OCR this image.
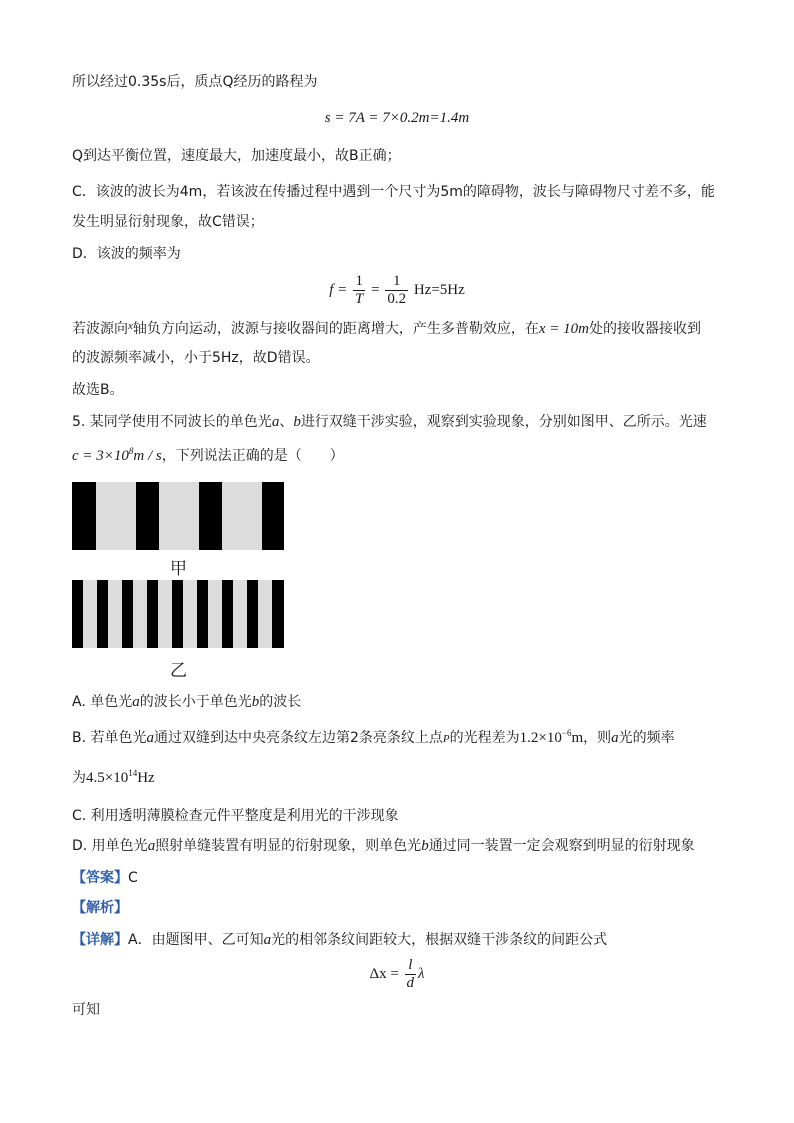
所以经过0.35s后，质点Q经历的路程为
s = 7A = 7×0.2m=1.4m
Q到达平衡位置，速度最大，加速度最小，故B正确；
C．该波的波长为4m，若该波在传播过程中遇到一个尺寸为5m的障碍物，波长与障碍物尺寸差不多，能
发生明显衍射现象，故C错误；
D．该波的频率为
$f = \frac{1}{T} = \frac{1}{0.2} Hz=5Hz$
若波源向$^x$轴负方向运动，波源与接收器间的距离增大，产生多普勒效应，在x = 10m处的接收器接收到
的波源频率减小，小于5Hz，故D错误。
故选B。
5. 某同学使用不同波长的单色光a、b进行双缝干涉实验，观察到实验现象，分别如图甲、乙所示。光速
$c = 3\times 10^8m / s$，下列说法正确的是（　　）
甲
乙
A. 单色光a的波长小于单色光b的波长
B. 若单色光a通过双缝到达中央亮条纹左边第2条亮条纹上点P的光程差为$1.2\times 10^{-6}m$，则a光的频率
为$4.5\times 10^{14}Hz$
C. 利用透明薄膜检查元件平整度是利用光的干涉现象
D. 用单色光a照射单缝装置有明显的衍射现象，则单色光b通过同一装置一定会观察到明显的衍射现象
【答案】C
【解析】
【详解】A．由题图甲、乙可知a光的相邻条纹间距较大，根据双缝干涉条纹的间距公式
$\Delta x = \frac{l}{d}$ λ
可知
